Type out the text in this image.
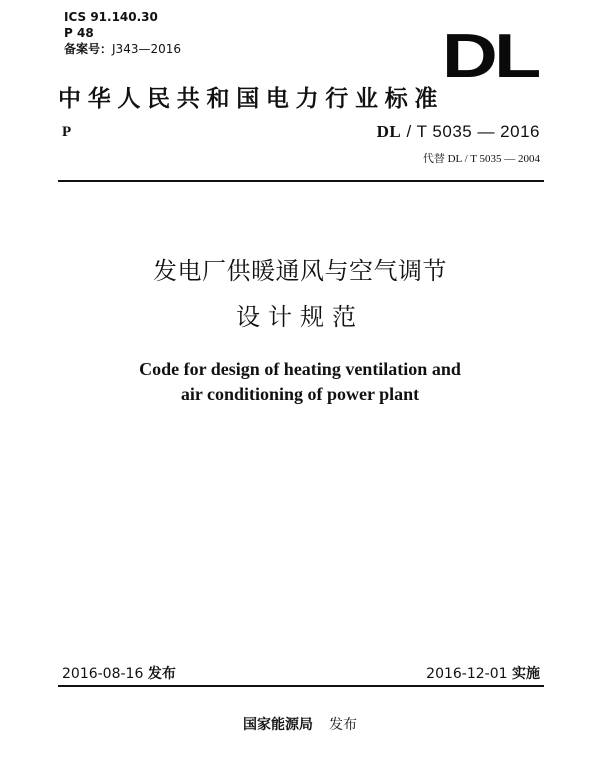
ICS 91.140.30
P 48
备案号：J343—2016	DL
中华人民共和国电力行业标准
P	DL / T 5035 — 2016
代替 DL / T 5035 — 2004
发电厂供暖通风与空气调节
设计规范
Code for design of heating ventilation and
air conditioning of power plant
2016-08-16 发布	2016-12-01 实施
国家能源局 发布
